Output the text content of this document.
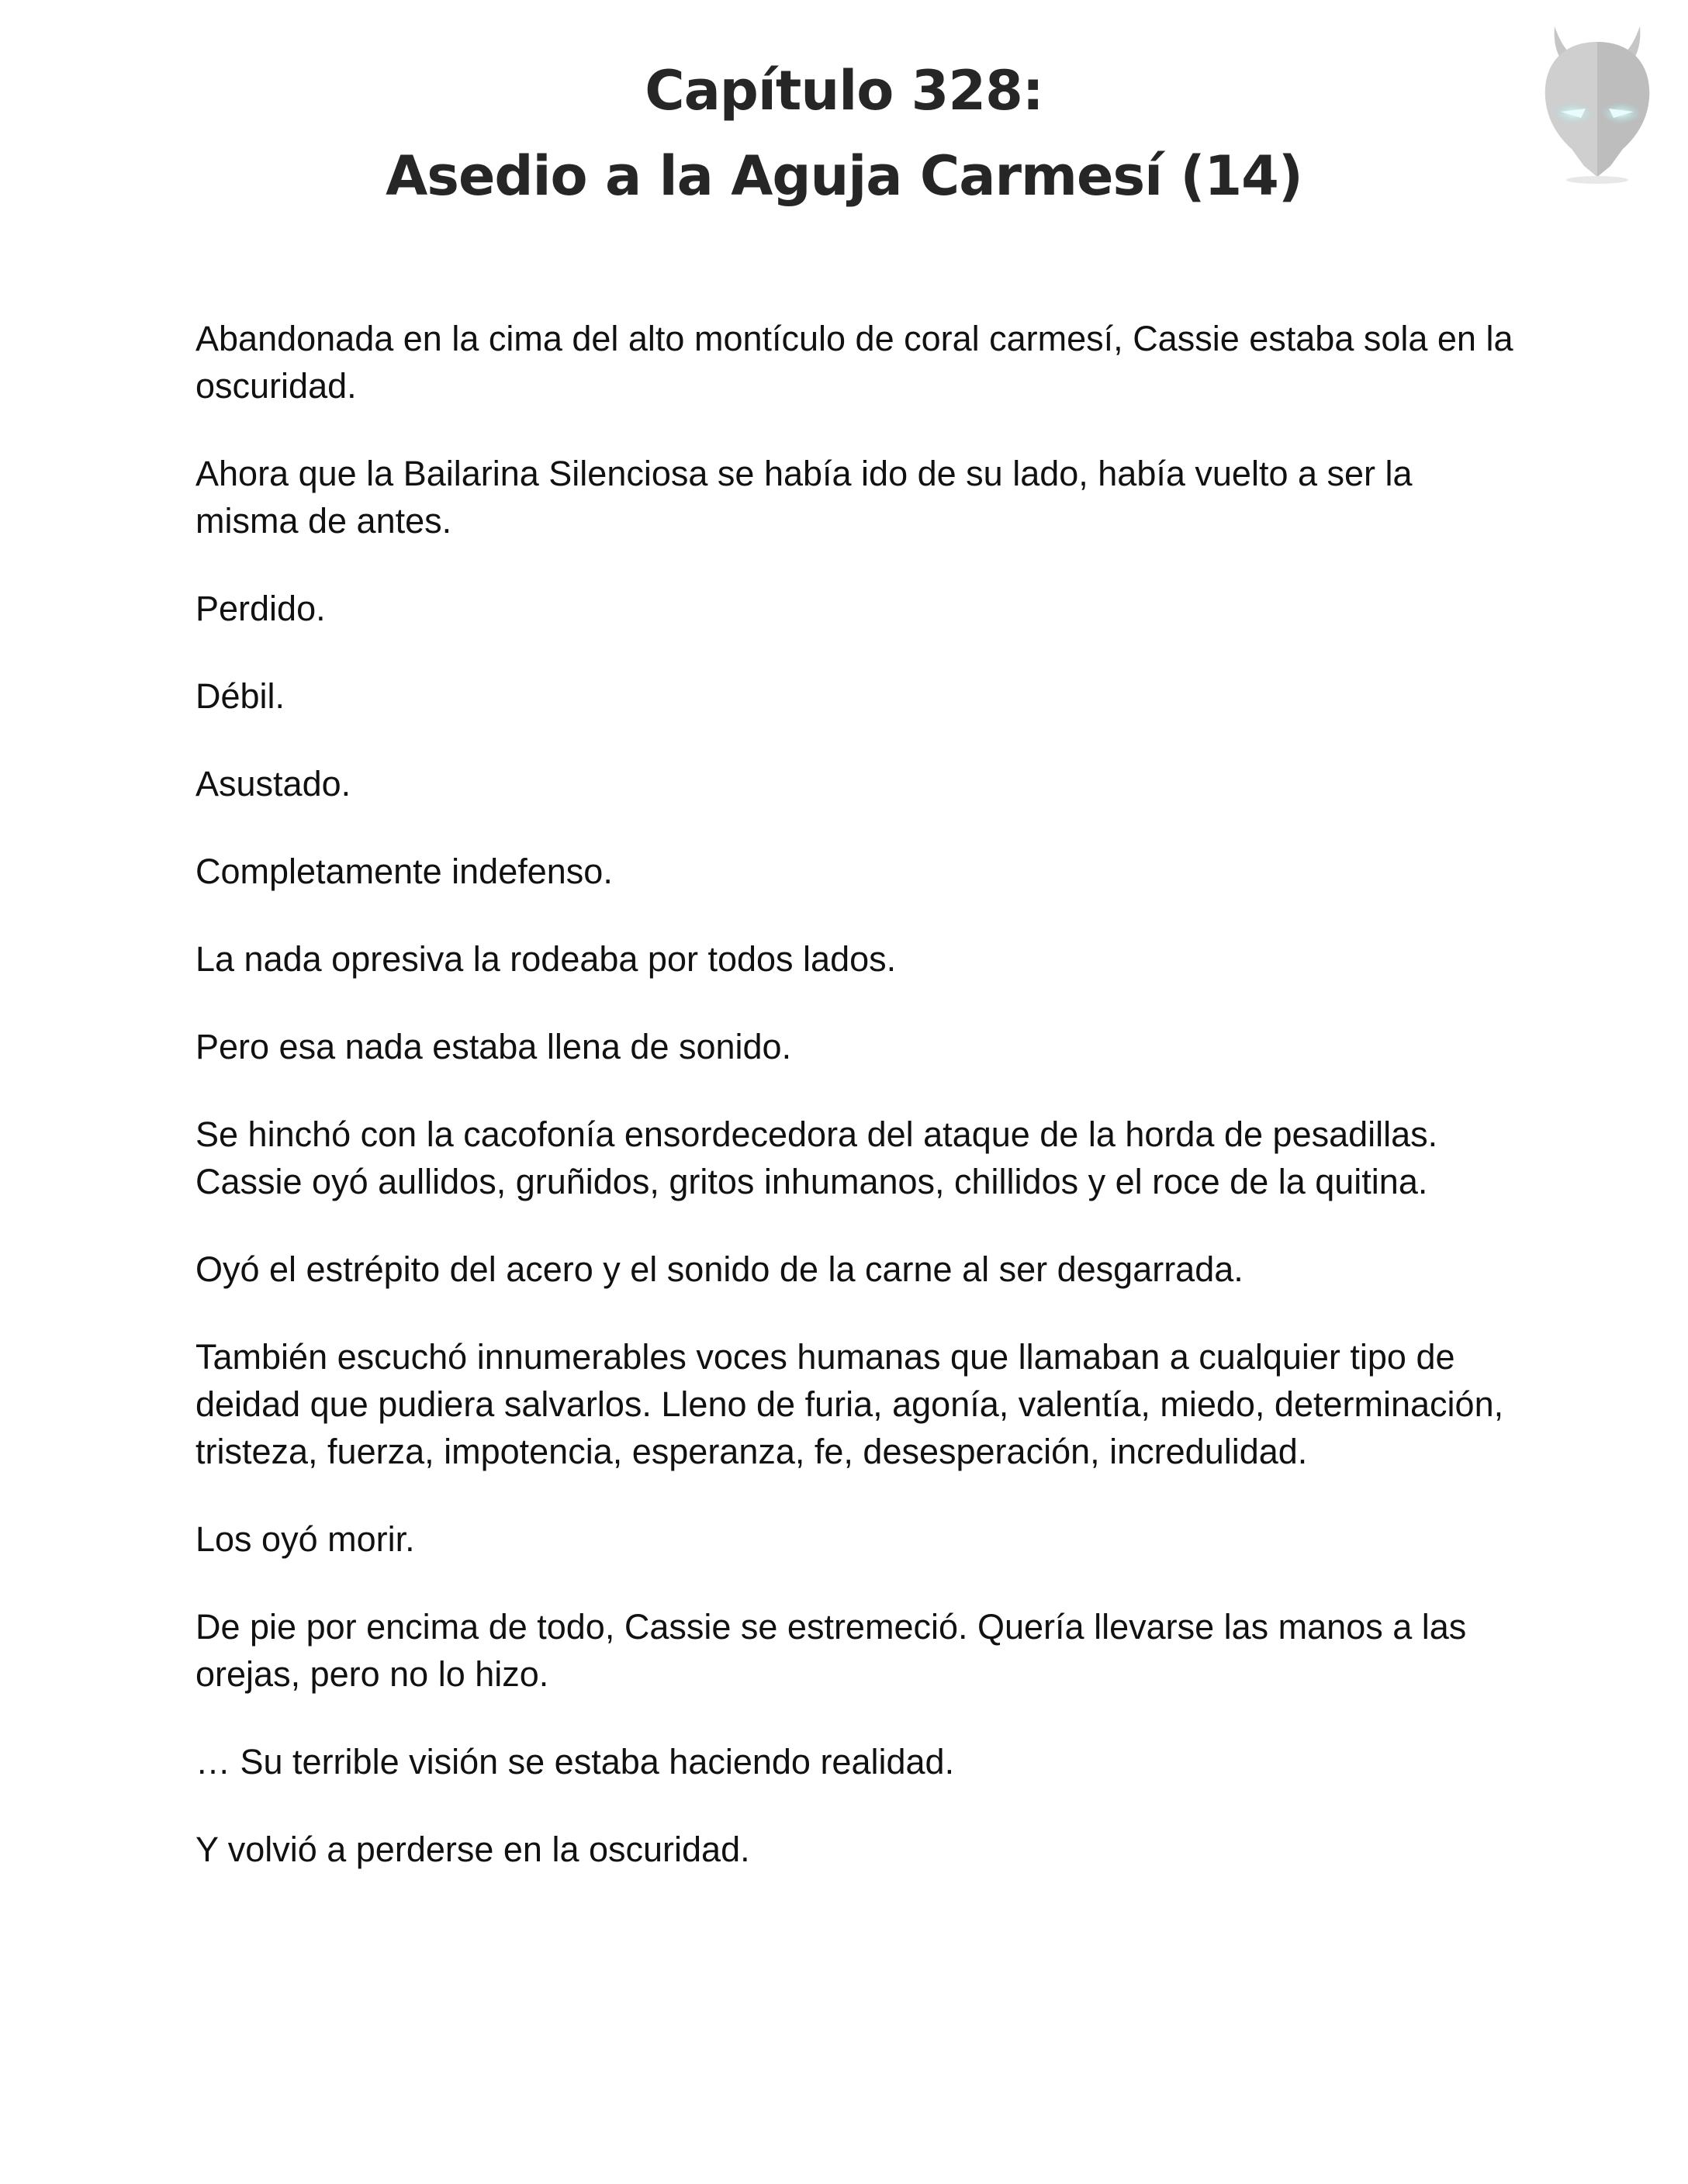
Capítulo 328:
Asedio a la Aguja Carmesí (14)

Abandonada en la cima del alto montículo de coral carmesí, Cassie estaba sola en la oscuridad.

Ahora que la Bailarina Silenciosa se había ido de su lado, había vuelto a ser la misma de antes.

Perdido.

Débil.

Asustado.

Completamente indefenso.

La nada opresiva la rodeaba por todos lados.

Pero esa nada estaba llena de sonido.

Se hinchó con la cacofonía ensordecedora del ataque de la horda de pesadillas. Cassie oyó aullidos, gruñidos, gritos inhumanos, chillidos y el roce de la quitina.

Oyó el estrépito del acero y el sonido de la carne al ser desgarrada.

También escuchó innumerables voces humanas que llamaban a cualquier tipo de deidad que pudiera salvarlos. Lleno de furia, agonía, valentía, miedo, determinación, tristeza, fuerza, impotencia, esperanza, fe, desesperación, incredulidad.

Los oyó morir.

De pie por encima de todo, Cassie se estremeció. Quería llevarse las manos a las orejas, pero no lo hizo.

… Su terrible visión se estaba haciendo realidad.

Y volvió a perderse en la oscuridad.
